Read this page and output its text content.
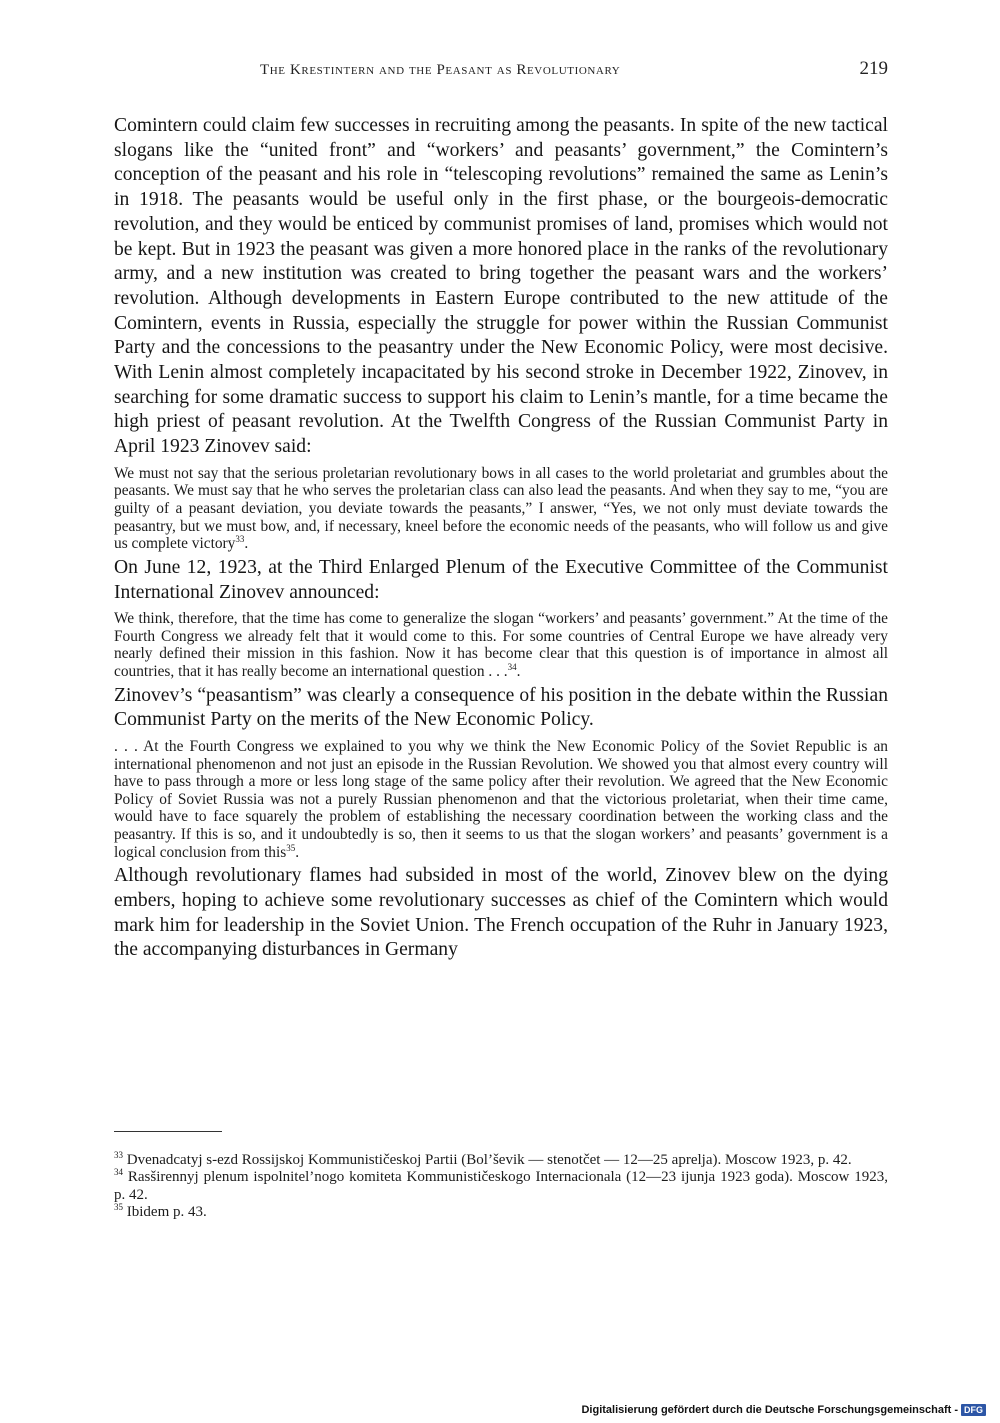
The Krestintern and the Peasant as Revolutionary	219

Comintern could claim few successes in recruiting among the peasants. In spite of the new tactical slogans like the “united front” and “workers’ and peasants’ government,” the Comintern’s conception of the peasant and his role in “telescoping revolutions” remained the same as Lenin’s in 1918. The peasants would be useful only in the first phase, or the bourgeois-democratic revolution, and they would be enticed by communist promises of land, promises which would not be kept. But in 1923 the peasant was given a more honored place in the ranks of the revolutionary army, and a new institution was created to bring together the peasant wars and the workers’ revolution. Although developments in Eastern Europe contributed to the new attitude of the Comintern, events in Russia, especially the struggle for power within the Russian Communist Party and the concessions to the peasantry under the New Economic Policy, were most decisive. With Lenin almost completely incapacitated by his second stroke in December 1922, Zinovev, in searching for some dramatic success to support his claim to Lenin’s mantle, for a time became the high priest of peasant revolution. At the Twelfth Congress of the Russian Communist Party in April 1923 Zinovev said:

We must not say that the serious proletarian revolutionary bows in all cases to the world proletariat and grumbles about the peasants. We must say that he who serves the proletarian class can also lead the peasants. And when they say to me, “you are guilty of a peasant deviation, you deviate towards the peasants,” I answer, “Yes, we not only must deviate towards the peasantry, but we must bow, and, if necessary, kneel before the economic needs of the peasants, who will follow us and give us complete victory$^{33}$.

On June 12, 1923, at the Third Enlarged Plenum of the Executive Committee of the Communist International Zinovev announced:

We think, therefore, that the time has come to generalize the slogan “workers’ and peasants’ government.” At the time of the Fourth Congress we already felt that it would come to this. For some countries of Central Europe we have already very nearly defined their mission in this fashion. Now it has become clear that this question is of importance in almost all countries, that it has really become an international question . . .$^{34}$.

Zinovev’s “peasantism” was clearly a consequence of his position in the debate within the Russian Communist Party on the merits of the New Economic Policy.

. . . At the Fourth Congress we explained to you why we think the New Economic Policy of the Soviet Republic is an international phenomenon and not just an episode in the Russian Revolution. We showed you that almost every country will have to pass through a more or less long stage of the same policy after their revolution. We agreed that the New Economic Policy of Soviet Russia was not a purely Russian phenomenon and that the victorious proletariat, when their time came, would have to face squarely the problem of establishing the necessary coordination between the working class and the peasantry. If this is so, and it undoubtedly is so, then it seems to us that the slogan workers’ and peasants’ government is a logical conclusion from this$^{35}$.

Although revolutionary flames had subsided in most of the world, Zinovev blew on the dying embers, hoping to achieve some revolutionary successes as chief of the Comintern which would mark him for leadership in the Soviet Union. The French occupation of the Ruhr in January 1923, the accompanying disturbances in Germany

$^{33}$ Dvenadcatyj s-ezd Rossijskoj Kommunističeskoj Partii (Bol’ševik — stenotčet — 12—25 aprelja). Moscow 1923, p. 42.

$^{34}$ Rasširennyj plenum ispolnitel’nogo komiteta Kommunističeskogo Internacionala (12—23 ijunja 1923 goda). Moscow 1923, p. 42.

$^{35}$ Ibidem p. 43.

Digitalisierung gefördert durch die Deutsche Forschungsgemeinschaft - DFG
